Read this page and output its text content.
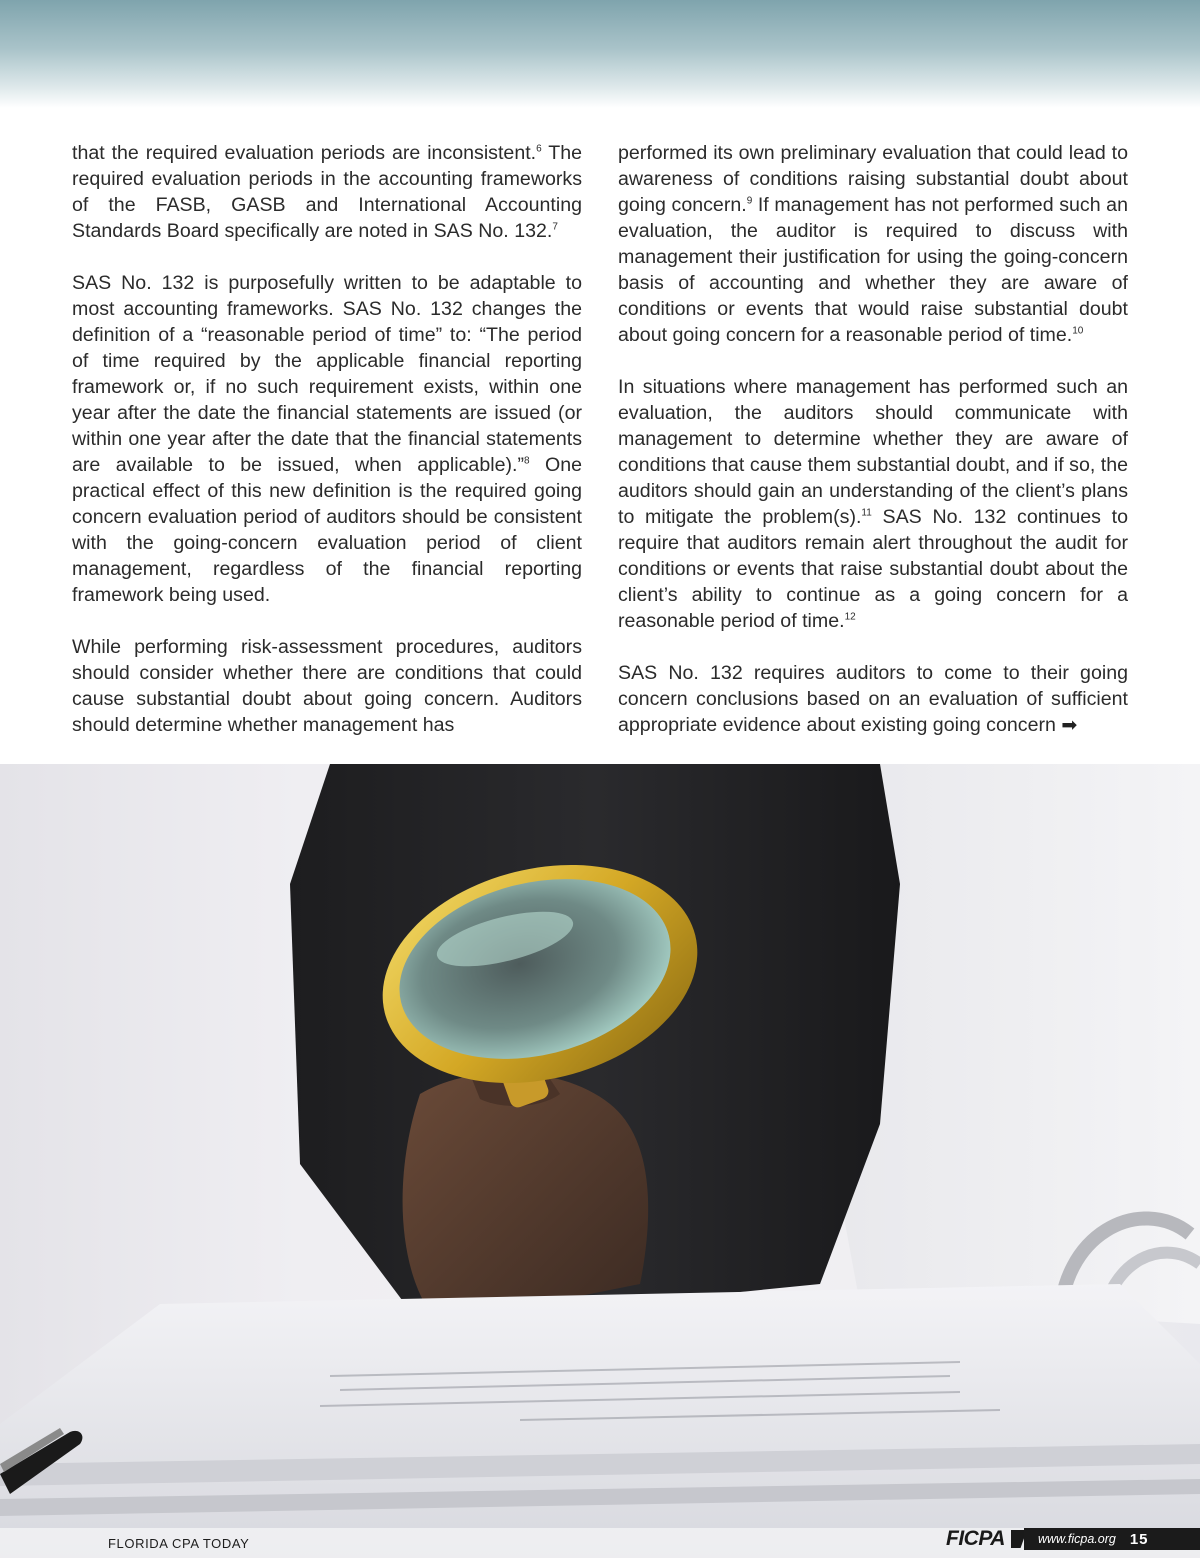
that the required evaluation periods are inconsistent.$^6$ The required evaluation periods in the accounting frameworks of the FASB, GASB and International Accounting Standards Board specifically are noted in SAS No. 132.$^7$

SAS No. 132 is purposefully written to be adaptable to most accounting frameworks. SAS No. 132 changes the definition of a “reasonable period of time” to: “The period of time required by the applicable financial reporting framework or, if no such requirement exists, within one year after the date the financial statements are issued (or within one year after the date that the financial statements are available to be issued, when applicable).”$^8$ One practical effect of this new definition is the required going concern evaluation period of auditors should be consistent with the going-concern evaluation period of client management, regardless of the financial reporting framework being used.

While performing risk-assessment procedures, auditors should consider whether there are conditions that could cause substantial doubt about going concern. Auditors should determine whether management has

performed its own preliminary evaluation that could lead to awareness of conditions raising substantial doubt about going concern.$^9$ If management has not performed such an evaluation, the auditor is required to discuss with management their justification for using the going-concern basis of accounting and whether they are aware of conditions or events that would raise substantial doubt about going concern for a reasonable period of time.$^{10}$

In situations where management has performed such an evaluation, the auditors should communicate with management to determine whether they are aware of conditions that cause them substantial doubt, and if so, the auditors should gain an understanding of the client’s plans to mitigate the problem(s).$^{11}$ SAS No. 132 continues to require that auditors remain alert throughout the audit for conditions or events that raise substantial doubt about the client’s ability to continue as a going concern for a reasonable period of time.$^{12}$

SAS No. 132 requires auditors to come to their going concern conclusions based on an evaluation of sufficient appropriate evidence about existing going concern ➡

FLORIDA CPA TODAY	FICPA	www.ficpa.org 15
